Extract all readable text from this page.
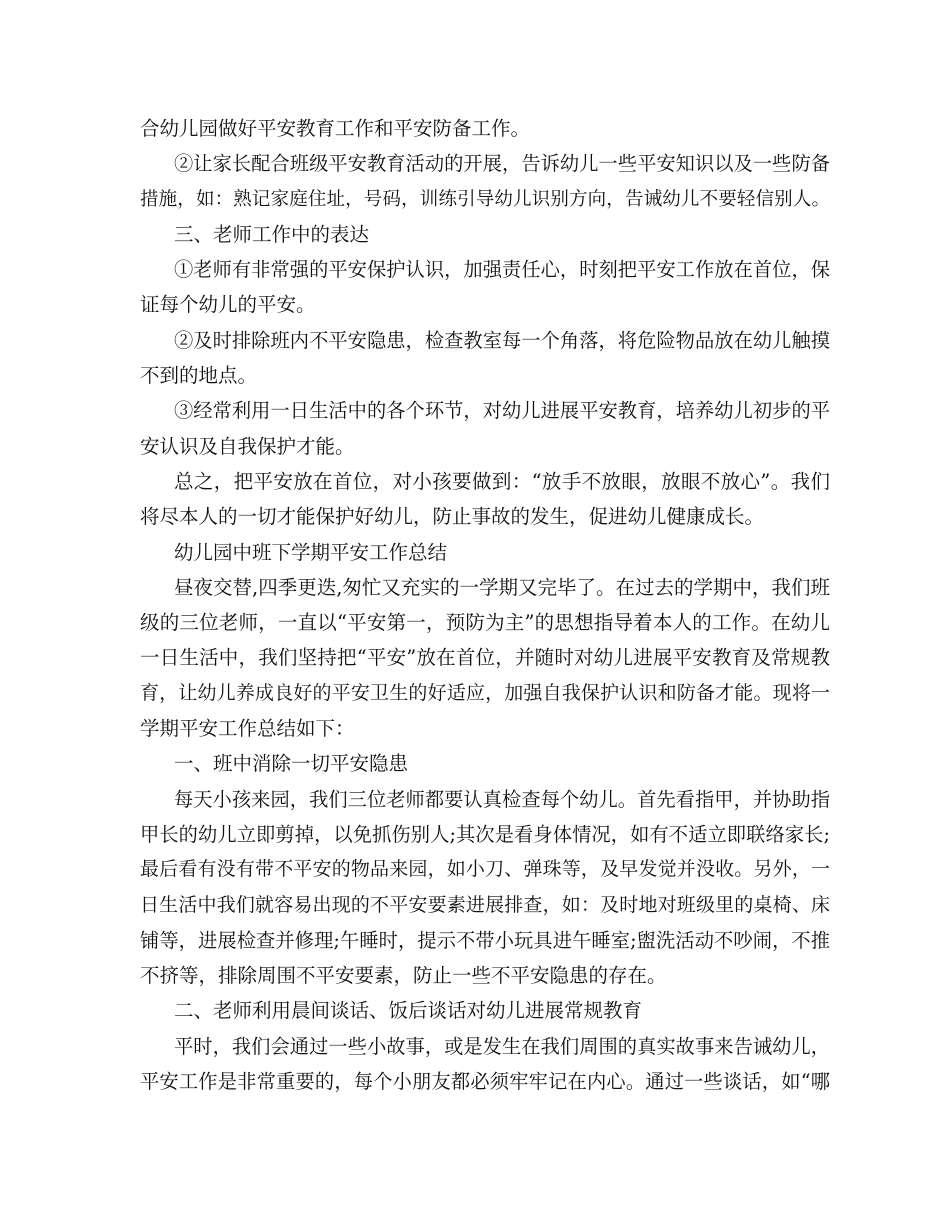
合幼儿园做好平安教育工作和平安防备工作。
②让家长配合班级平安教育活动的开展，告诉幼儿一些平安知识以及一些防备
措施，如：熟记家庭住址，号码，训练引导幼儿识别方向，告诫幼儿不要轻信别人。
三、老师工作中的表达
①老师有非常强的平安保护认识，加强责任心，时刻把平安工作放在首位，保
证每个幼儿的平安。
②及时排除班内不平安隐患，检查教室每一个角落，将危险物品放在幼儿触摸
不到的地点。
③经常利用一日生活中的各个环节，对幼儿进展平安教育，培养幼儿初步的平
安认识及自我保护才能。
总之，把平安放在首位，对小孩要做到：“放手不放眼，放眼不放心”。我们
将尽本人的一切才能保护好幼儿，防止事故的发生，促进幼儿健康成长。
幼儿园中班下学期平安工作总结
昼夜交替,四季更迭,匆忙又充实的一学期又完毕了。在过去的学期中，我们班
级的三位老师，一直以“平安第一，预防为主”的思想指导着本人的工作。在幼儿
一日生活中，我们坚持把“平安”放在首位，并随时对幼儿进展平安教育及常规教
育，让幼儿养成良好的平安卫生的好适应，加强自我保护认识和防备才能。现将一
学期平安工作总结如下：
一、班中消除一切平安隐患
每天小孩来园，我们三位老师都要认真检查每个幼儿。首先看指甲，并协助指
甲长的幼儿立即剪掉，以免抓伤别人;其次是看身体情况，如有不适立即联络家长;
最后看有没有带不平安的物品来园，如小刀、弹珠等，及早发觉并没收。另外，一
日生活中我们就容易出现的不平安要素进展排查，如：及时地对班级里的桌椅、床
铺等，进展检查并修理;午睡时，提示不带小玩具进午睡室;盥洗活动不吵闹，不推
不挤等，排除周围不平安要素，防止一些不平安隐患的存在。
二、老师利用晨间谈话、饭后谈话对幼儿进展常规教育
平时，我们会通过一些小故事，或是发生在我们周围的真实故事来告诫幼儿，
平安工作是非常重要的，每个小朋友都必须牢牢记在内心。通过一些谈话，如“哪
